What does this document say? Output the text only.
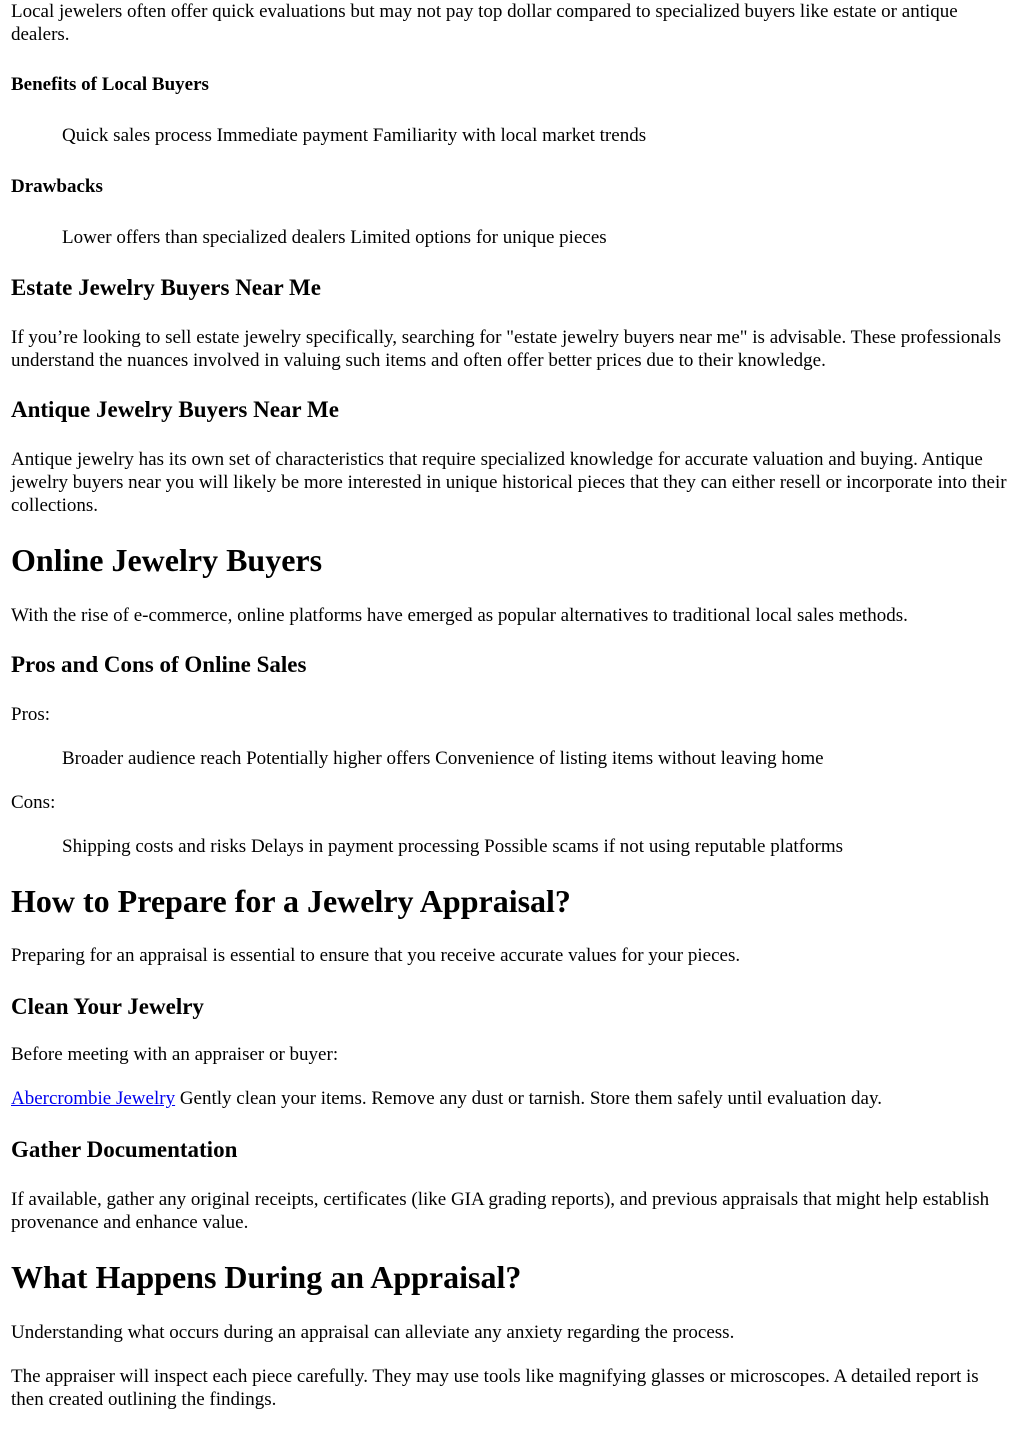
Local jewelers often offer quick evaluations but may not pay top dollar compared to specialized buyers like estate or antique dealers.

Benefits of Local Buyers

Quick sales process Immediate payment Familiarity with local market trends

Drawbacks

Lower offers than specialized dealers Limited options for unique pieces

Estate Jewelry Buyers Near Me

If you’re looking to sell estate jewelry specifically, searching for "estate jewelry buyers near me" is advisable. These professionals understand the nuances involved in valuing such items and often offer better prices due to their knowledge.

Antique Jewelry Buyers Near Me

Antique jewelry has its own set of characteristics that require specialized knowledge for accurate valuation and buying. Antique jewelry buyers near you will likely be more interested in unique historical pieces that they can either resell or incorporate into their collections.

Online Jewelry Buyers

With the rise of e-commerce, online platforms have emerged as popular alternatives to traditional local sales methods.

Pros and Cons of Online Sales

Pros:

Broader audience reach Potentially higher offers Convenience of listing items without leaving home

Cons:

Shipping costs and risks Delays in payment processing Possible scams if not using reputable platforms

How to Prepare for a Jewelry Appraisal?

Preparing for an appraisal is essential to ensure that you receive accurate values for your pieces.

Clean Your Jewelry

Before meeting with an appraiser or buyer:

Abercrombie Jewelry Gently clean your items. Remove any dust or tarnish. Store them safely until evaluation day.

Gather Documentation

If available, gather any original receipts, certificates (like GIA grading reports), and previous appraisals that might help establish provenance and enhance value.

What Happens During an Appraisal?

Understanding what occurs during an appraisal can alleviate any anxiety regarding the process.

The appraiser will inspect each piece carefully. They may use tools like magnifying glasses or microscopes. A detailed report is then created outlining the findings.
